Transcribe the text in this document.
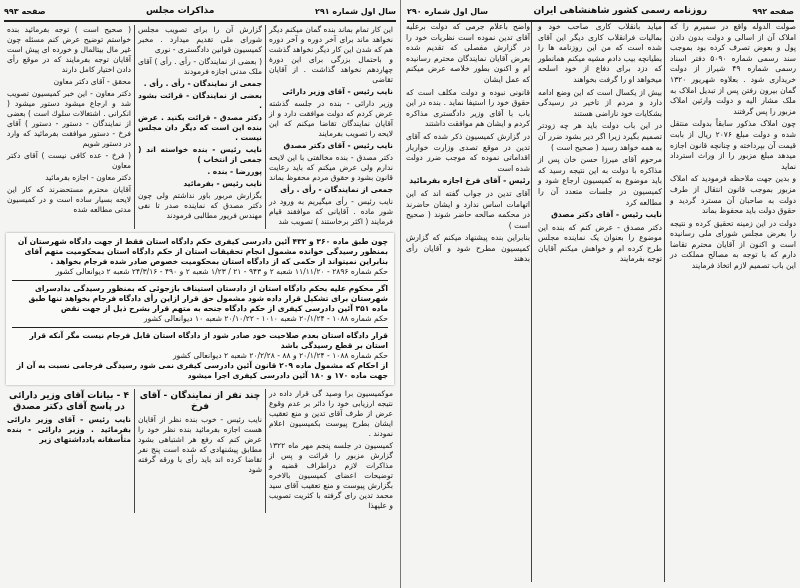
سال اول شماره ۲۹۱
مذاکرات مجلس
صفحه ۹۹۳

این کار تمام بماند بنده گمان میکنم دیگر نخواهد ماند برای آخر دوره و آخر دوره هم که شدن این کار دیگر نخواهد گذشت و باحتمال بزرگی برای این دورهٔ چهاردهم نخواهد گذاشت . از آقایان تقاضی

نایب رئیس - آقای وزیر دارائی

وزیر دارائی - بنده در جلسه گذشته عرض کردم که دولت موافقت دارد و از آقایان نمایندگان تقاضا میکنم که این لایحه را تصویب بفرمایند

نایب رئیس - آقای دکتر مصدق

دکتر مصدق - بنده مخالفتی با این لایحه ندارم ولی عرض میکنم که باید رعایت قانون بشود و حقوق مردم محفوظ بماند

جمعی از نمایندگان - رأی . رأی

نایب رئیس - رأی میگیریم به ورود در شور ماده . آقایانی که موافقند قیام فرمایند ( اکثر برخاستند ) تصویب شد

گزارش آن را برای تصویب مجلس شورای ملی تقدیم میدارد . مخبر کمیسیون قوانین دادگستری - نوری

( بعضی از نمایندگان - رأی . رأی ) آقای ملک مدنی اجازه فرمودند

جمعی از نمایندگان - رأی . رأی .

بعضی از نمایندگان - قرائت بشود .

دکتر مصدق - قرائت بکنید . عرض بنده این است که دیگر دان مجلس نیست .

نایب رئیس - بنده خواسته اند ( جمعی از انتخاب )

پوررضا - بنده .

نایب رئیس - بفرمائید

بگزارش مربور باور نداشتم ولی چون دکتر مصدق که نماینده صدر تا نفی مهندس فریور مطالبی فرمودند

( صحیح است ) توجه بفرمائید بنده خواستم توضیح عرض کنم مسئله چون غیر مال بیتالمال و خورده ای پیش است آقایان توجه بفرمایند که در موقع رأی دادن اختیار کامل دارند

محقق - آقای دکتر معاون

دکتر معاون - این خبر کمیسیون تصویب شد و ارجاع میشود دستور میشود ( انکرانی . اشتغالات سلوك است ) بعضی از نمایندگان - دستور - دستور ) آقای فرخ - دستور موافقت بفرمائید که وارد در دستور شویم

( فرخ - عده کافی نیست ) آقای دکتر معاون

دکتر معاون - اجازه بفرمائید

آقایان محترم مستحضرند که کار این لایحه بسیار ساده است و در کمیسیون مدتی مطالعه شده

چون طبق ماده ۳۶۰ و ۴۳۲ آئین دادرسی کیفری حکم دادگاه استان فقط از جهت دادگاه شهرستان آن بمنظور رسیدگی خوانده مشمول انجام تحقیقات استان از حکم دادگاه استان بمحکومیت متهم آقای

بنابراین نمیتواند از حکمی که از دادگاه استان بمحکومیت خصوص صادر شده فرجام بخواهد .

حکم شماره ۲۸۹۶ - ۱۱/۱۱/۲۰ شعبه ۲ و ۹۴۳ - ۲۱ / ۱/۲۳ شعبه ۲ و ۴۹۰ - ۲۴/۳/۱۶ شعبه ۲ دیوانعالی کشور

اگر محکوم علیه بحکم دادگاه استان از دادستان استیناف بازجوئی که بمنظور رسیدگی بدادسرای شهرستان برای تشکیل قرار داده شود مشمول حق قرار ازاین رأی دادگاه فرجام بخواهد تنها طبق ماده ۳۵۱ آئین دادرسی کیفری از حکم دادگاه جنحه به متهم قرار بشرح ذیل از جهت نقض

حکم شماره ۱۰۸۸ - ۲۰/۱/۲۴ شعبه ۱۰۱۰ - ۲۰/۱۰/۲۲ شعبه ۱۰ دیوانعالی کشور

قرار دادگاه استان بعدم صلاحیت خود صادر شود از دادگاه استان قابل فرجام نیست مگر آنکه قرار استان بر قطع رسیدگی باشد

حکم شماره ۱۰۸۸ - ۲۰/۱/۲۴ و ۸۸ - ۲۰/۲/۲۸ شعبه ۲ دیوانعالی کشور

از احکام که مشمول ماده ۲۰۹ قانون آئین دادرسی کیفری نمی شود رسیدگی فرجامی نسبت به آن از جهت ماده ۱۷۰ و ۱۸۰ آئین دادرسی کیفری اجرا میشود

موکمیسیون برا وصید گی قرار داده در نتیجه ارزیابی خود را دائر بر عدم وقوع عرض از طرف آقای تدین و منع تعقیب ایشان بطرح پیوست بکمیسیون اعلام نمودند .

کمیسیون در جلسه پنجم مهر ماه ۱۳۲۲ گزارش مزبور را قرائت و پس از مذاکرات لازم دراطراف قضیه و توضیحات اعضای کمیسیون بالاخره بگزارش پیوست و منع تعقیب آقای سید محمد تدین رای گرفته با کثریت تصویب و علیهذا

چند نفر از نمایندگان - آقای فرخ

نایب رئیس - خوب بنده نظر از آقایان هست اجازه بفرمائید بنده نظر خود را عرض کنم که رفع هر اشتباهی بشود مطابق پیشنهادی که شده است پنج نفر تقاضا کرده اند باید رأی با ورقه گرفته شود

۴ - بیانات آقای وزیر دارائی در پاسخ آقای دکتر مصدق

نایب رئیس - آقای وزیر دارائی بفرمائید . وزیر دارائی - بنده متأسفانه یادداشتهای زیر

صفحه ۹۹۲
روزنامه رسمی کشور شاهنشاهی ایران
سال اول شماره ۲۹۰

صولت الدوله واقع در سمیرم را که املاک آن از اسالی و دولت بدون دادن پول و بعوض تصرف کرده بود بموجب سند رسمی شماره ۵۰۹۰ دفتر اسناد رسمی شماره ۴۹ شیراز از دولت خریداری شود . بعلاوه شهریور ۱۳۲۰ گمان بیرون رفتن پس از تبدیل املاک به ملک مشار الیه و دولت وارثین املاک مزبور را پس گرفتند

چون املاک مذکور سابقاً بدولت منتقل شده و دولت مبلغ ۲۰۷۶ ریال از بابت قیمت آن بپرداخته و چنانچه قانون اجازه میدهد مبلغ مزبور را از وراث استرداد نماید

و بدین جهت ملاحظه فرمودید که املاک مزبور بموجب قانون انتقال از طرف دولت به صاحبان آن مسترد گردید و حقوق دولت باید محفوظ بماند

دولت در این زمینه تحقیق کرده و نتیجه را بعرض مجلس شورای ملی رسانیده است و اکنون از آقایان محترم تقاضا دارم که با توجه به مصالح مملکت در این باب تصمیم لازم اتخاذ فرمایند

میاید بانقلاب کاری صاحب خود و بمالیات فرانقلاب کاری دیگر این آقای شده است که من این روزنامه ها را بطیانچه بیب دادم مشیه میکنم همانطور که دزد برای دفاع از خود اسلحه میخواهد او را گرفت بخواهند

بیش از یکسال است که این وضع ادامه دارد و مردم از تاخیر در رسیدگی بشکایات خود ناراضی هستند

در این باب دولت باید هر چه زودتر تصمیم بگیرد زیرا اگر دیر بشود ضرر آن به همه خواهد رسید ( صحیح است )

مرحوم آقای میرزا حسن خان پس از مذاکره با دولت به این نتیجه رسید که باید موضوع به کمیسیون ارجاع شود و کمیسیون در جلسات متعدد آن را مطالعه کرد

نایب رئیس - آقای دکتر مصدق

دکتر مصدق - عرض کنم که بنده این موضوع را بعنوان یک نماینده مجلس طرح کرده ام و خواهش میکنم آقایان توجه بفرمایند

واضح باعلام جرمی که دولت برعلیه آقای تدین نموده است نظریات خود را در گزارش مفصلی که تقدیم شده بعرض آقایان نمایندگان محترم رسانیده ام و اکنون بطور خلاصه عرض میکنم که عمل ایشان

قانونی نبوده و دولت مکلف است که حقوق خود را استیفا نماید . بنده در این باب با آقای وزیر دادگستری مذاکره کردم و ایشان هم موافقت داشتند

در گزارش کمیسیون ذکر شده که آقای تدین در موقع تصدی وزارت خواربار اقداماتی نموده که موجب ضرر دولت شده است

رئیس - آقای فرخ اجازه بفرمائید

آقای تدین در جواب گفته اند که این اتهامات اساس ندارد و ایشان حاضرند در محکمه صالحه حاضر شوند ( صحیح است )

بنابراین بنده پیشنهاد میکنم که گزارش کمیسیون مطرح شود و آقایان رأی بدهند
